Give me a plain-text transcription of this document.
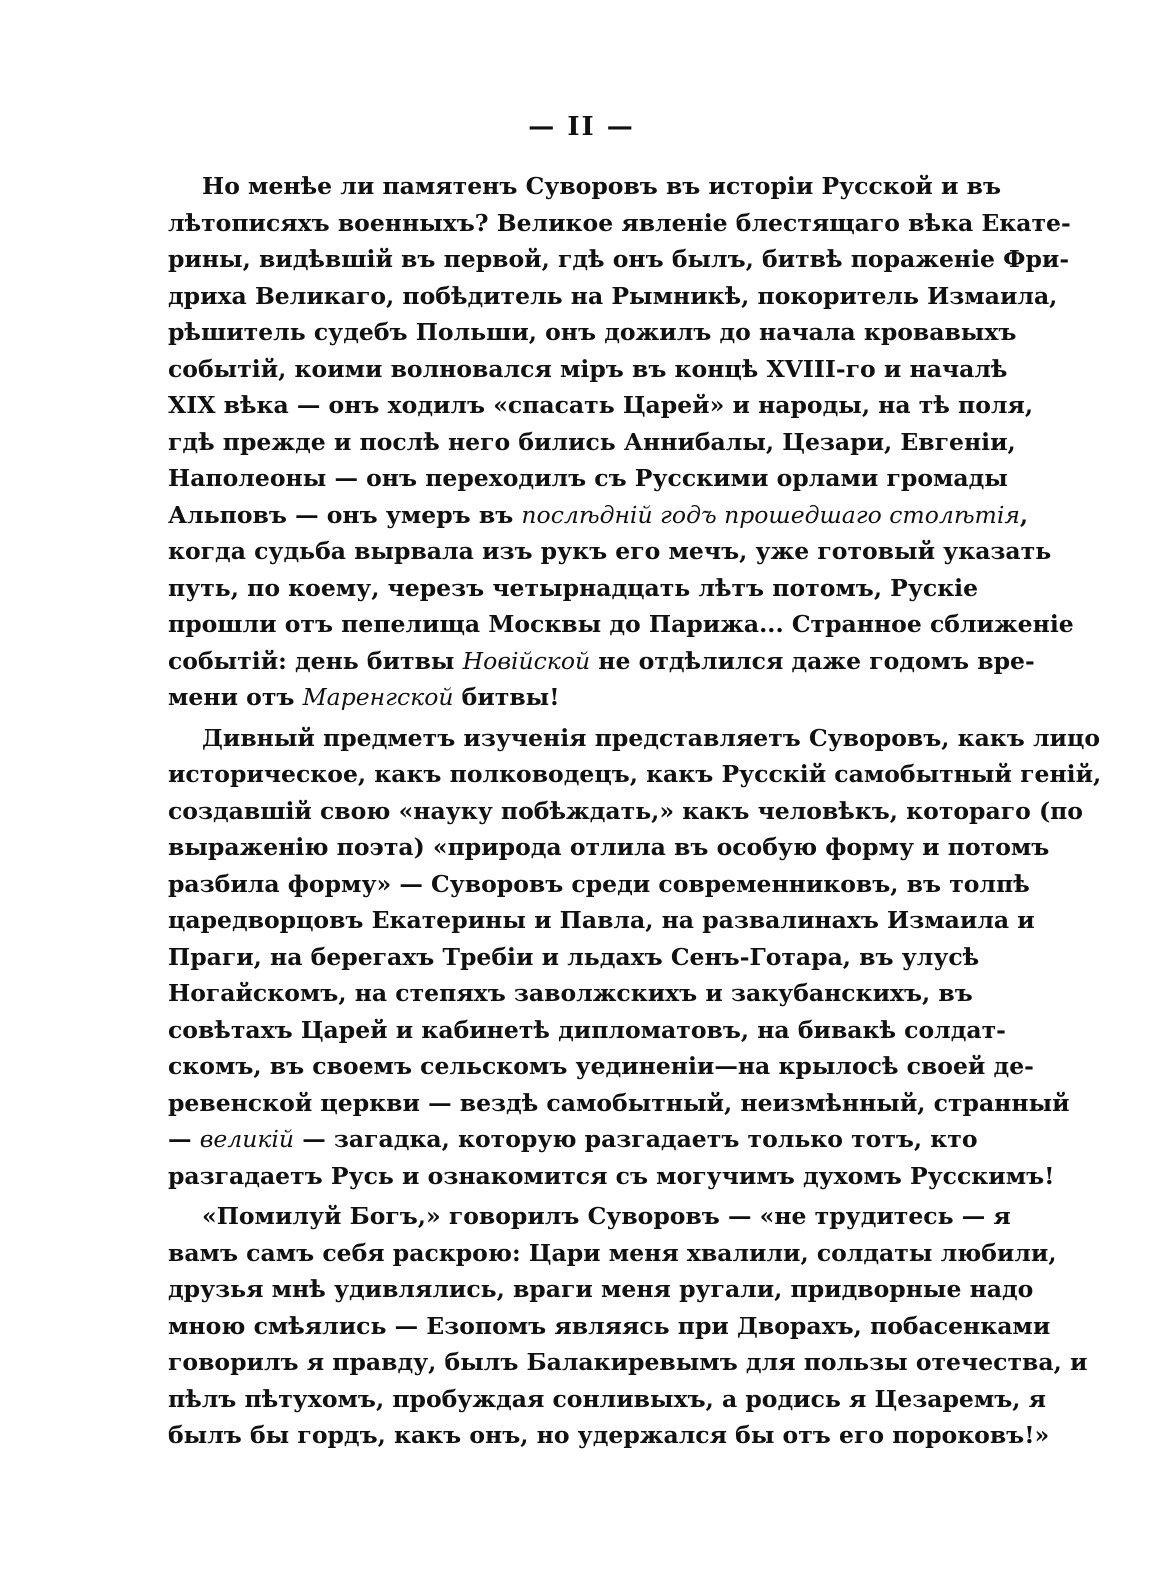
— II —
Но менѣе ли памятенъ Суворовъ въ исторіи Русской и въ
лѣтописяхъ военныхъ? Великое явленіе блестящаго вѣка Екате-
рины, видѣвшій въ первой, гдѣ онъ былъ, битвѣ пораженіе Фри-
дриха Великаго, побѣдитель на Рымникѣ, покоритель Измаила,
рѣшитель судебъ Польши, онъ дожилъ до начала кровавыхъ
событій, коими волновался міръ въ концѣ XVIII-го и началѣ
XIX вѣка — онъ ходилъ «спасать Царей» и народы, на тѣ поля,
гдѣ прежде и послѣ него бились Аннибалы, Цезари, Евгеніи,
Наполеоны — онъ переходилъ съ Русскими орлами громады
Альповъ — онъ умеръ въ послѣдній годъ прошедшаго столѣтія,
когда судьба вырвала изъ рукъ его мечъ, уже готовый указать
путь, по коему, черезъ четырнадцать лѣтъ потомъ, Рускіе
прошли отъ пепелища Москвы до Парижа... Странное сближеніе
событій: день битвы Новійской не отдѣлился даже годомъ вре-
мени отъ Маренгской битвы!
Дивный предметъ изученія представляетъ Суворовъ, какъ лицо
историческое, какъ полководецъ, какъ Русскій самобытный геній,
создавшій свою «науку побѣждать,» какъ человѣкъ, котораго (по
выраженію поэта) «природа отлила въ особую форму и потомъ
разбила форму» — Суворовъ среди современниковъ, въ толпѣ
царедворцовъ Екатерины и Павла, на развалинахъ Измаила и
Праги, на берегахъ Требіи и льдахъ Сенъ-Готара, въ улусѣ
Ногайскомъ, на степяхъ заволжскихъ и закубанскихъ, въ
совѣтахъ Царей и кабинетѣ дипломатовъ, на бивакѣ солдат-
скомъ, въ своемъ сельскомъ уединеніи—на крылосѣ своей де-
ревенской церкви — вездѣ самобытный, неизмѣнный, странный
— великій — загадка, которую разгадаетъ только тотъ, кто
разгадаетъ Русь и ознакомится съ могучимъ духомъ Русскимъ!
«Помилуй Богъ,» говорилъ Суворовъ — «не трудитесь — я
вамъ самъ себя раскрою: Цари меня хвалили, солдаты любили,
друзья мнѣ удивлялись, враги меня ругали, придворные надо
мною смѣялись — Езопомъ являясь при Дворахъ, побасенками
говорилъ я правду, былъ Балакиревымъ для пользы отечества, и
пѣлъ пѣтухомъ, пробуждая сонливыхъ, а родись я Цезаремъ, я
былъ бы гордъ, какъ онъ, но удержался бы отъ его пороковъ!»
